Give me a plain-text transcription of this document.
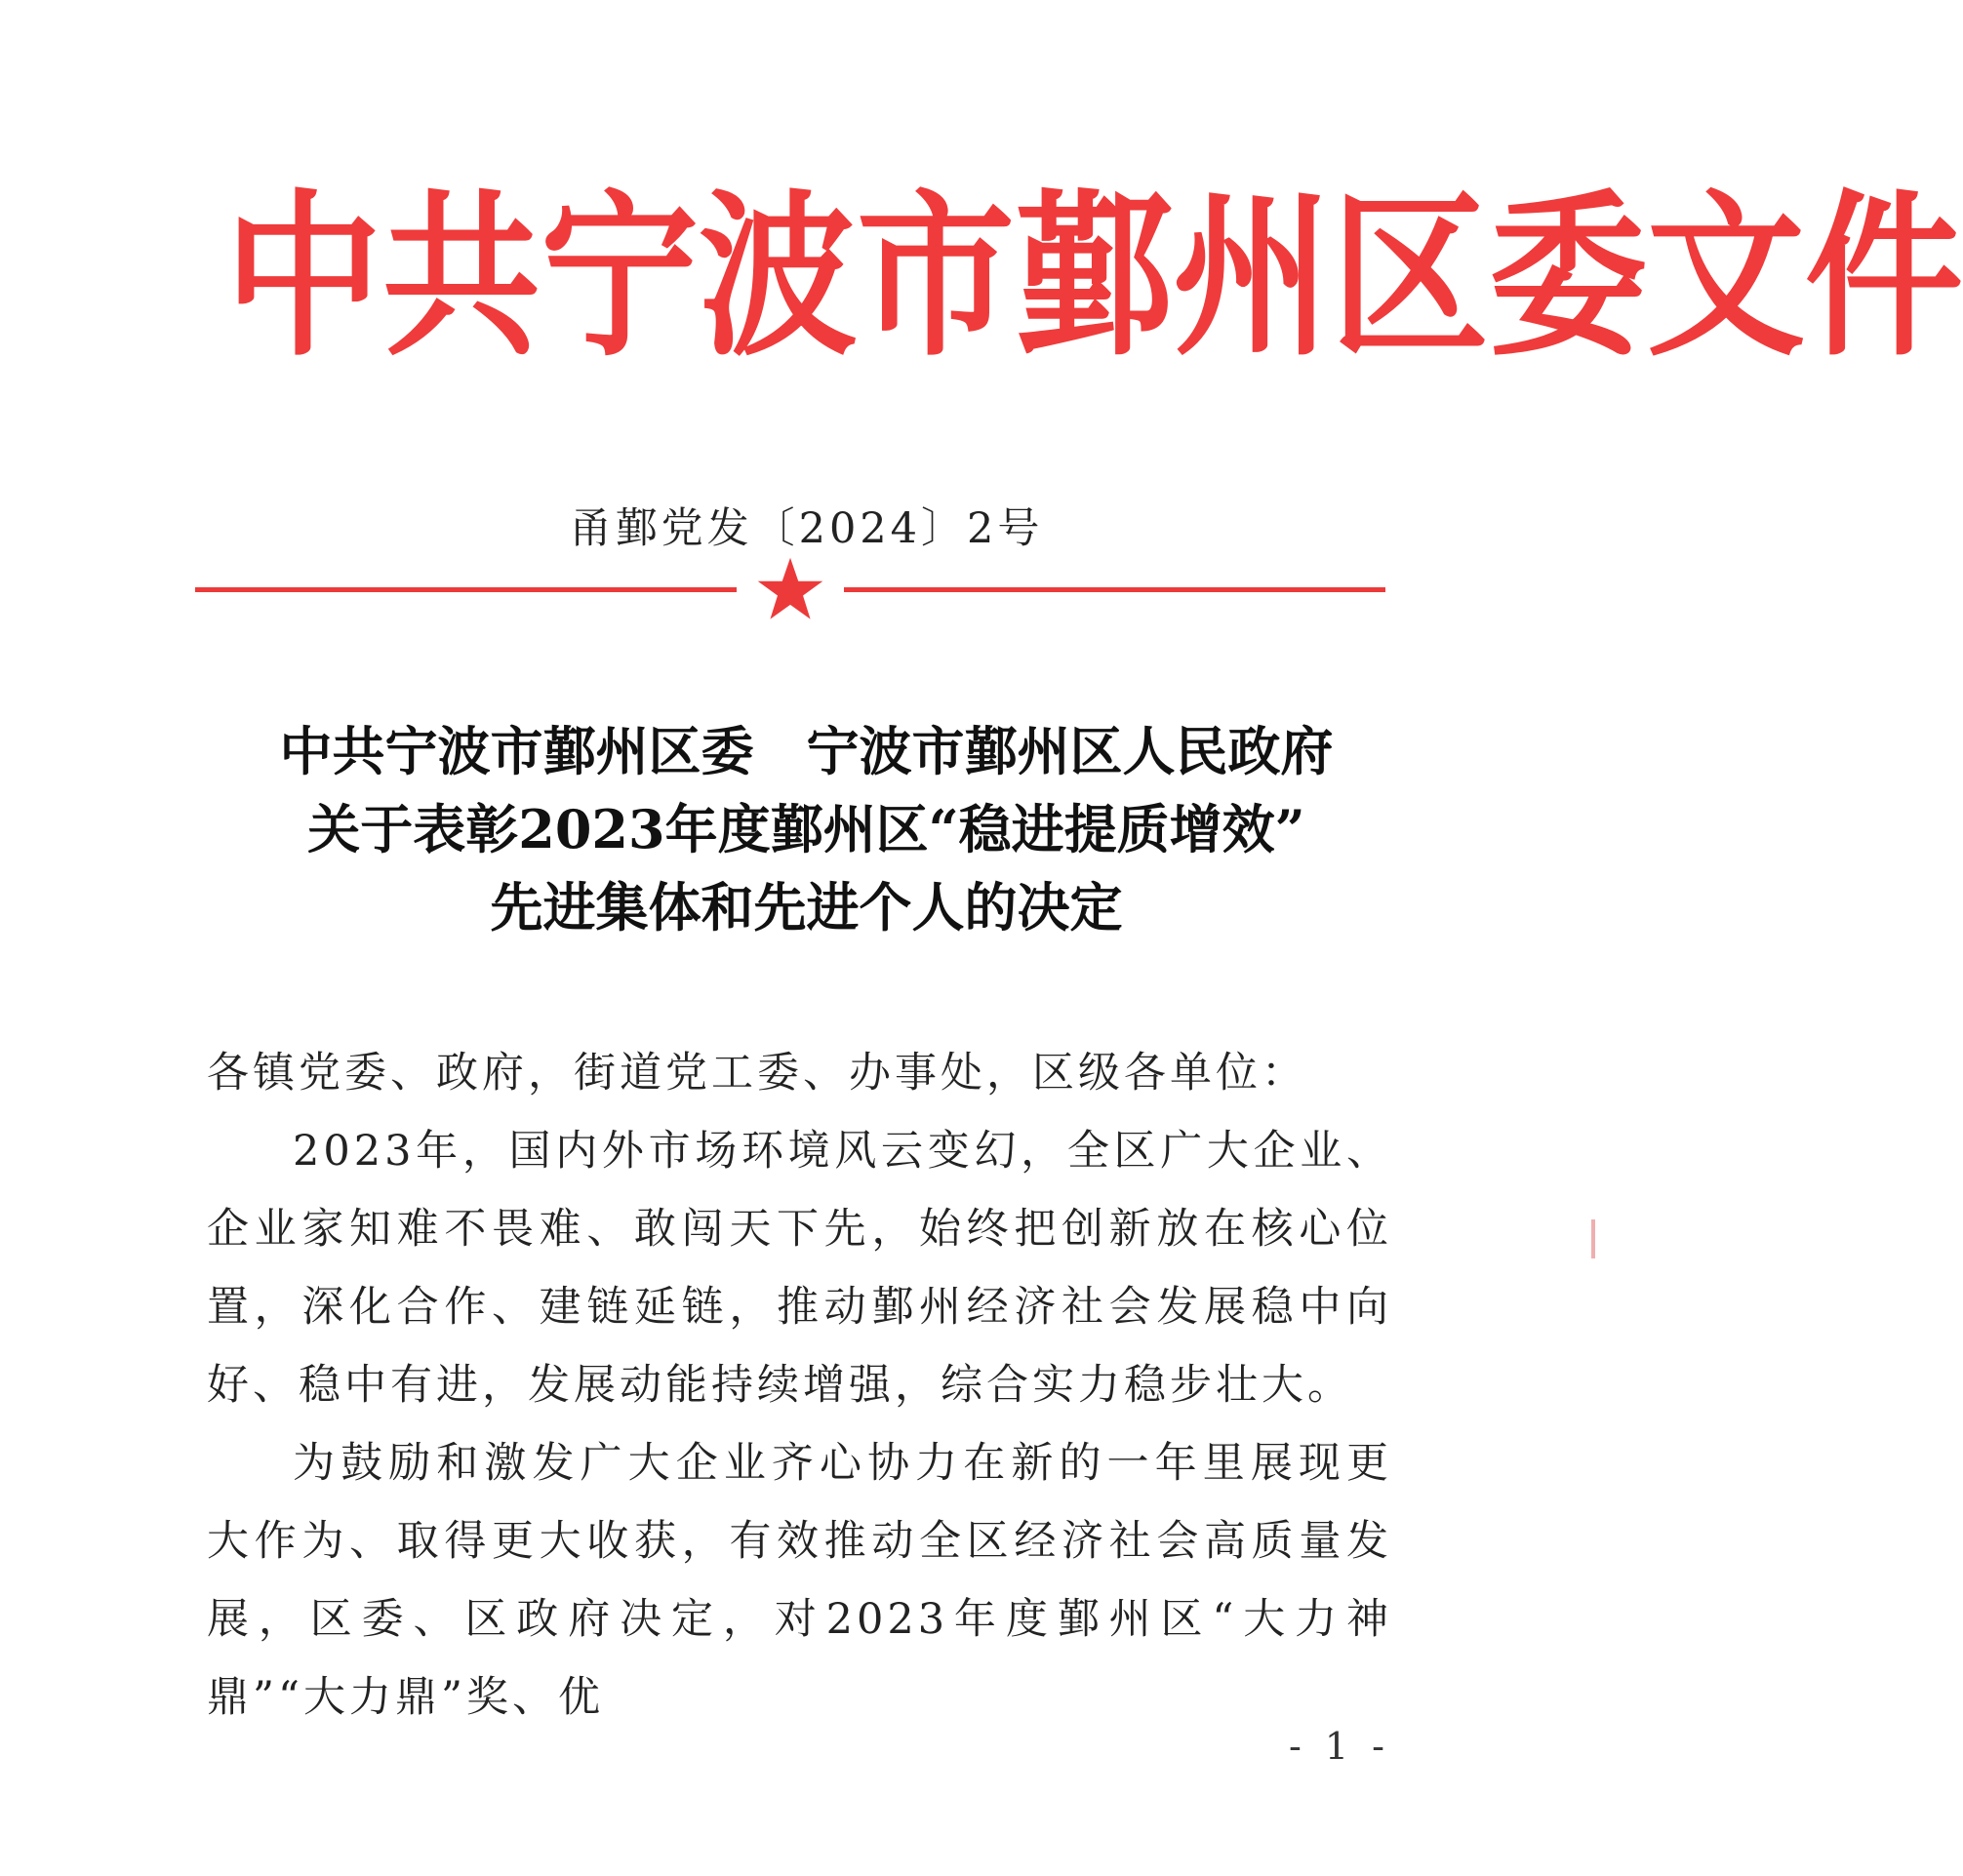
中 共 宁 波 市 鄞 州 区 委 文 件
甬鄞党发〔2024〕2号
中共宁波市鄞州区委　宁波市鄞州区人民政府
关于表彰2023年度鄞州区“稳进提质增效”
先进集体和先进个人的决定

各镇党委、政府，街道党工委、办事处，区级各单位：

2023年，国内外市场环境风云变幻，全区广大企业、企业家知难不畏难、敢闯天下先，始终把创新放在核心位置，深化合作、建链延链，推动鄞州经济社会发展稳中向好、稳中有进，发展动能持续增强，综合实力稳步壮大。

为鼓励和激发广大企业齐心协力在新的一年里展现更大作为、取得更大收获，有效推动全区经济社会高质量发展，区委、区政府决定，对2023年度鄞州区“大力神鼎”“大力鼎”奖、优

- 1 -
